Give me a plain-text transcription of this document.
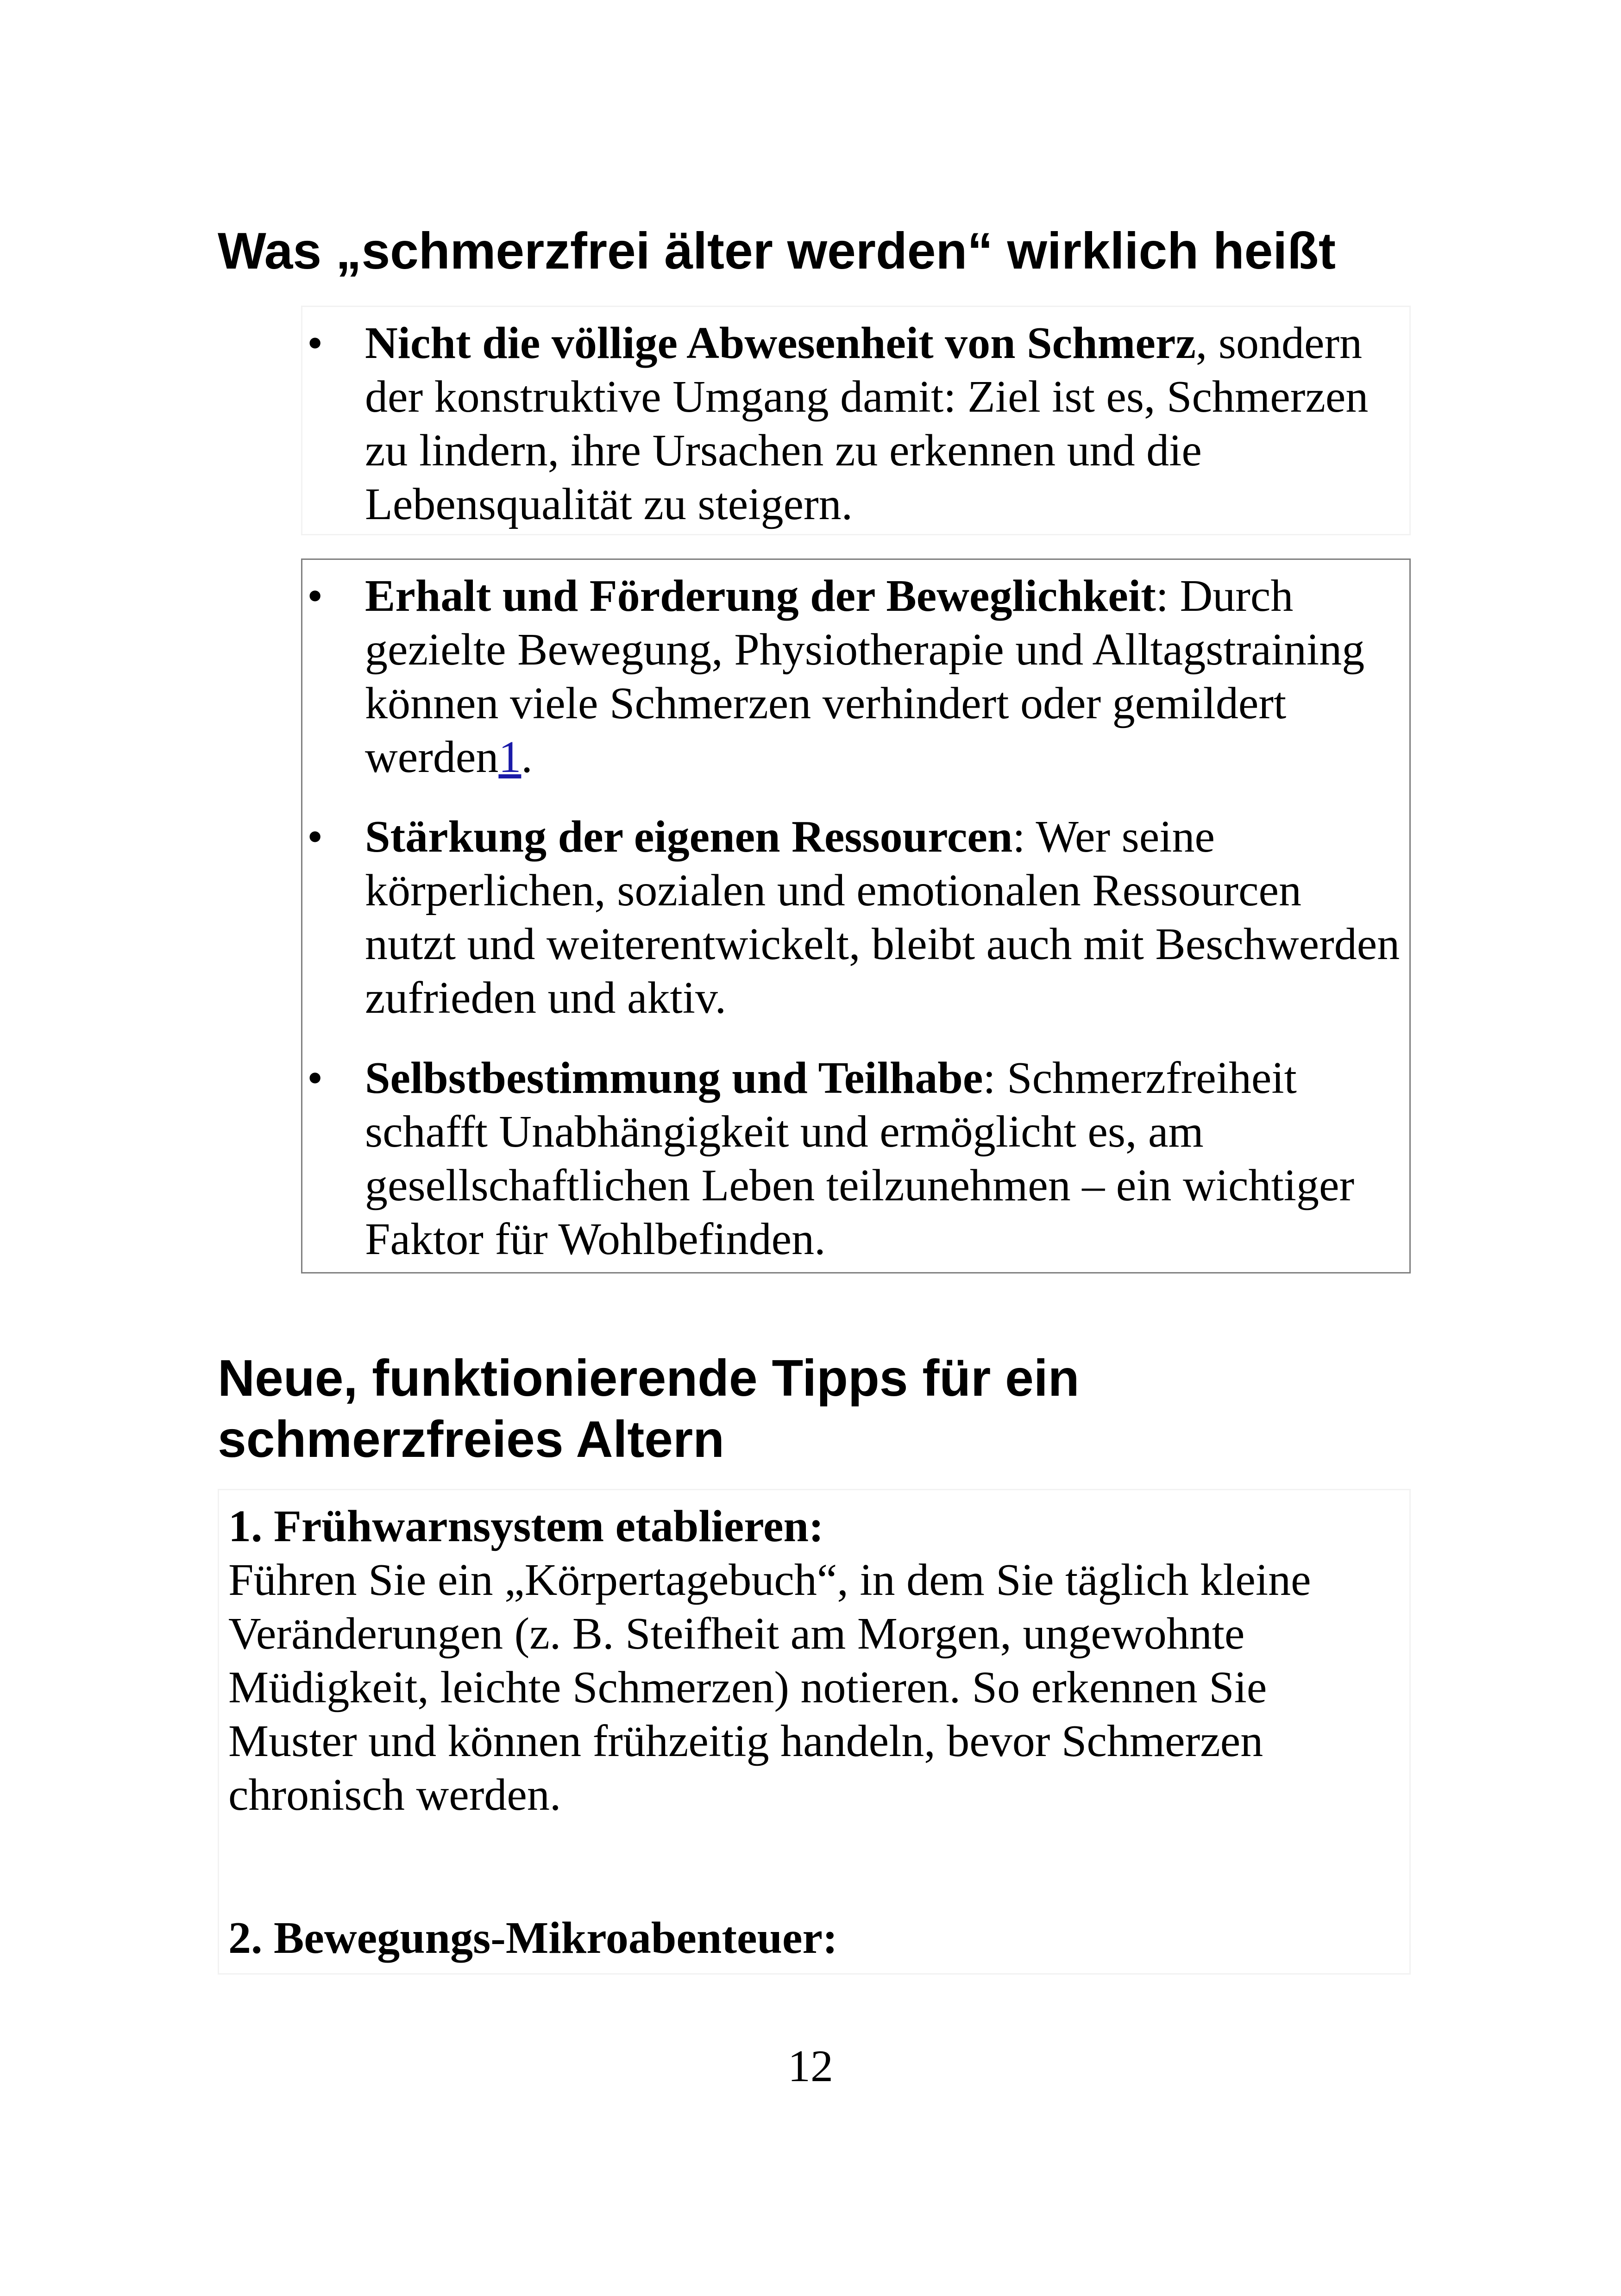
Was „schmerzfrei älter werden“ wirklich heißt
• Nicht die völlige Abwesenheit von Schmerz, sondern der konstruktive Umgang damit: Ziel ist es, Schmerzen zu lindern, ihre Ursachen zu erkennen und die Lebensqualität zu steigern.
• Erhalt und Förderung der Beweglichkeit: Durch gezielte Bewegung, Physiotherapie und Alltagstraining können viele Schmerzen verhindert oder gemildert werden1.
• Stärkung der eigenen Ressourcen: Wer seine körperlichen, sozialen und emotionalen Ressourcen nutzt und weiterentwickelt, bleibt auch mit Beschwerden zufrieden und aktiv.
• Selbstbestimmung und Teilhabe: Schmerzfreiheit schafft Unabhängigkeit und ermöglicht es, am gesellschaftlichen Leben teilzunehmen – ein wichtiger Faktor für Wohlbefinden.
Neue, funktionierende Tipps für ein
schmerzfreies Altern
1. Frühwarnsystem etablieren:
Führen Sie ein „Körpertagebuch“, in dem Sie täglich kleine Veränderungen (z. B. Steifheit am Morgen, ungewohnte Müdigkeit, leichte Schmerzen) notieren. So erkennen Sie Muster und können frühzeitig handeln, bevor Schmerzen chronisch werden.
2. Bewegungs-Mikroabenteuer:
12
